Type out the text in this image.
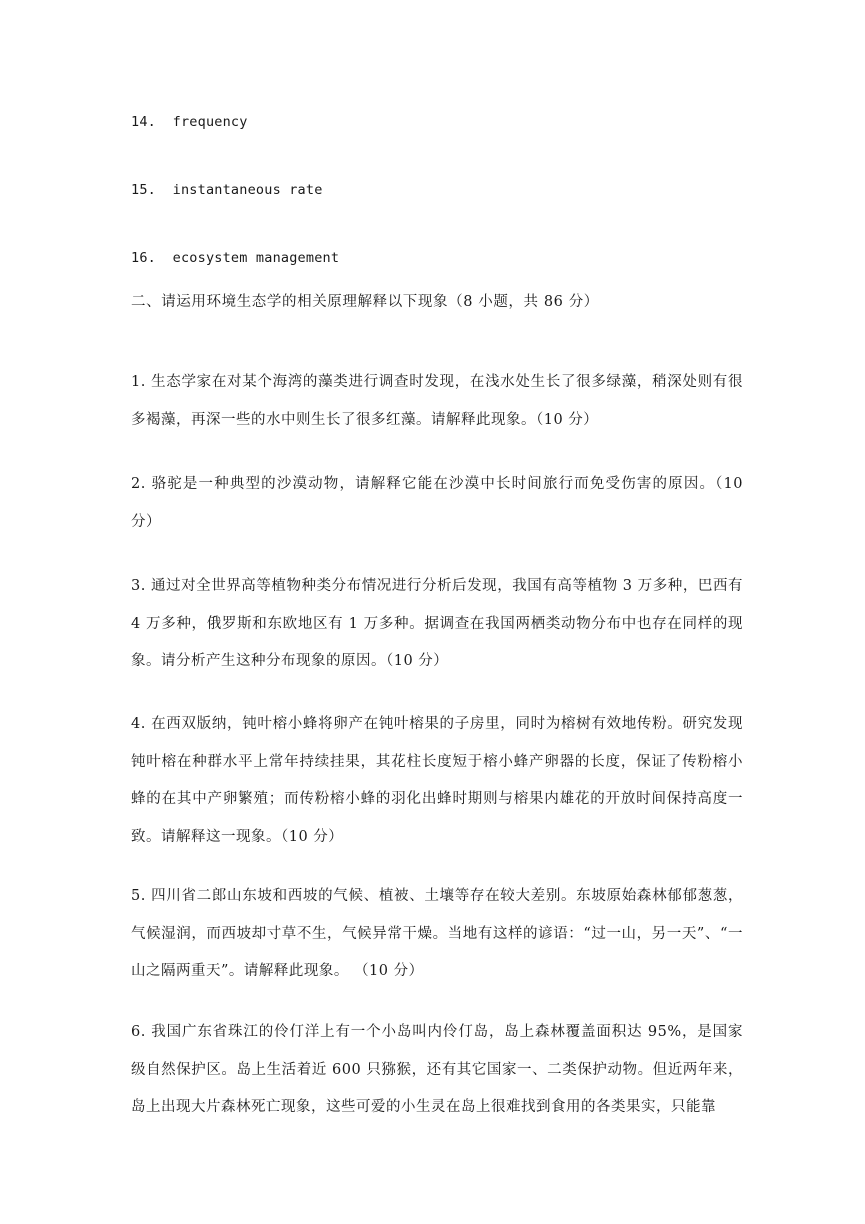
14. frequency
15. instantaneous rate
16. ecosystem management
二、请运用环境生态学的相关原理解释以下现象（8 小题，共 86 分）
1. 生态学家在对某个海湾的藻类进行调查时发现，在浅水处生长了很多绿藻，稍深处则有很多褐藻，再深一些的水中则生长了很多红藻。请解释此现象。（10 分）
2. 骆驼是一种典型的沙漠动物，请解释它能在沙漠中长时间旅行而免受伤害的原因。（10 分）
3. 通过对全世界高等植物种类分布情况进行分析后发现，我国有高等植物 3 万多种，巴西有 4 万多种，俄罗斯和东欧地区有 1 万多种。据调查在我国两栖类动物分布中也存在同样的现象。请分析产生这种分布现象的原因。（10 分）
4. 在西双版纳，钝叶榕小蜂将卵产在钝叶榕果的子房里，同时为榕树有效地传粉。研究发现钝叶榕在种群水平上常年持续挂果，其花柱长度短于榕小蜂产卵器的长度，保证了传粉榕小蜂的在其中产卵繁殖；而传粉榕小蜂的羽化出蜂时期则与榕果内雄花的开放时间保持高度一致。请解释这一现象。（10 分）
5. 四川省二郎山东坡和西坡的气候、植被、土壤等存在较大差别。东坡原始森林郁郁葱葱，气候湿润，而西坡却寸草不生，气候异常干燥。当地有这样的谚语：“过一山，另一天”、“一山之隔两重天”。请解释此现象。 （10 分）
6. 我国广东省珠江的伶仃洋上有一个小岛叫内伶仃岛，岛上森林覆盖面积达 95%，是国家级自然保护区。岛上生活着近 600 只猕猴，还有其它国家一、二类保护动物。但近两年来，岛上出现大片森林死亡现象，这些可爱的小生灵在岛上很难找到食用的各类果实，只能靠
